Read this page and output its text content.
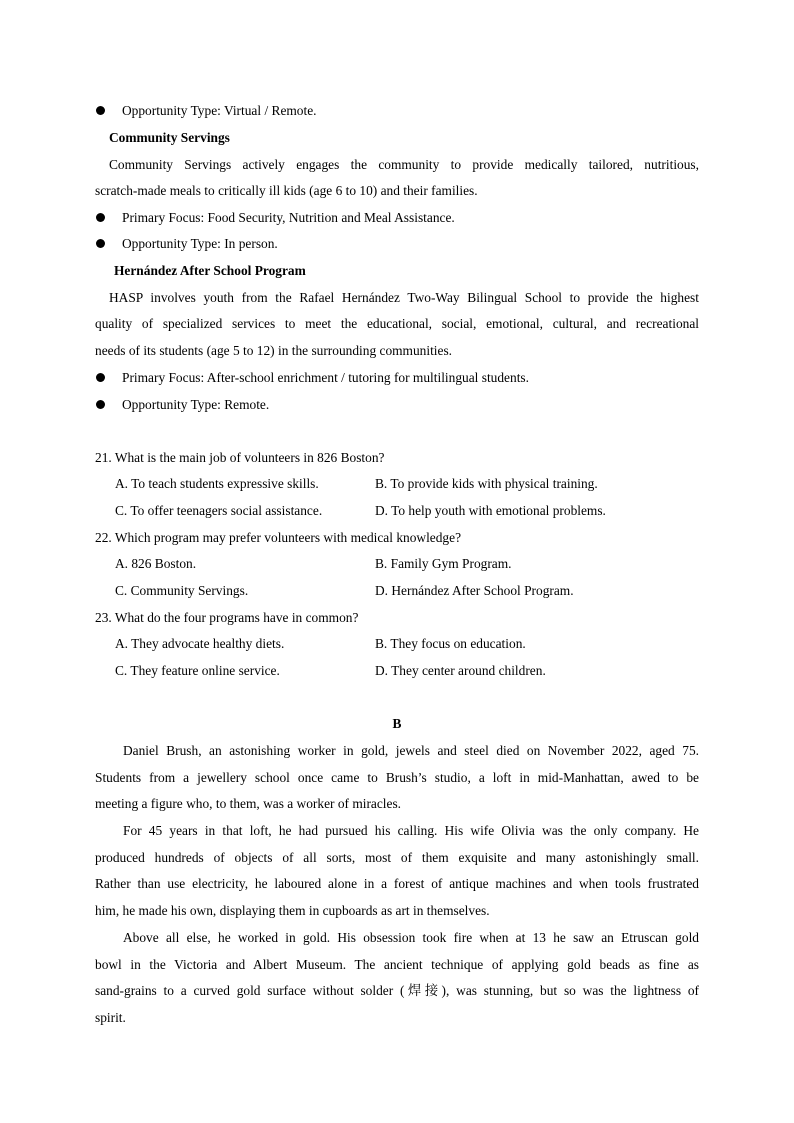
Opportunity Type: Virtual / Remote.
Community Servings
Community Servings actively engages the community to provide medically tailored, nutritious,
scratch-made meals to critically ill kids (age 6 to 10) and their families.
Primary Focus: Food Security, Nutrition and Meal Assistance.
Opportunity Type: In person.
Hernández After School Program
HASP involves youth from the Rafael Hernández Two-Way Bilingual School to provide the highest
quality of specialized services to meet the educational, social, emotional, cultural, and recreational
needs of its students (age 5 to 12) in the surrounding communities.
Primary Focus: After-school enrichment / tutoring for multilingual students.
Opportunity Type: Remote.
21. What is the main job of volunteers in 826 Boston?
A. To teach students expressive skills.	B. To provide kids with physical training.
C. To offer teenagers social assistance.	D. To help youth with emotional problems.
22. Which program may prefer volunteers with medical knowledge?
A. 826 Boston.	B. Family Gym Program.
C. Community Servings.	D. Hernández After School Program.
23. What do the four programs have in common?
A. They advocate healthy diets.	B. They focus on education.
C. They feature online service.	D. They center around children.
B
Daniel Brush, an astonishing worker in gold, jewels and steel died on November 2022, aged 75.
Students from a jewellery school once came to Brush’s studio, a loft in mid-Manhattan, awed to be
meeting a figure who, to them, was a worker of miracles.
For 45 years in that loft, he had pursued his calling. His wife Olivia was the only company. He
produced hundreds of objects of all sorts, most of them exquisite and many astonishingly small.
Rather than use electricity, he laboured alone in a forest of antique machines and when tools frustrated
him, he made his own, displaying them in cupboards as art in themselves.
Above all else, he worked in gold. His obsession took fire when at 13 he saw an Etruscan gold
bowl in the Victoria and Albert Museum. The ancient technique of applying gold beads as fine as
sand-grains to a curved gold surface without solder (焊接), was stunning, but so was the lightness of
spirit.
